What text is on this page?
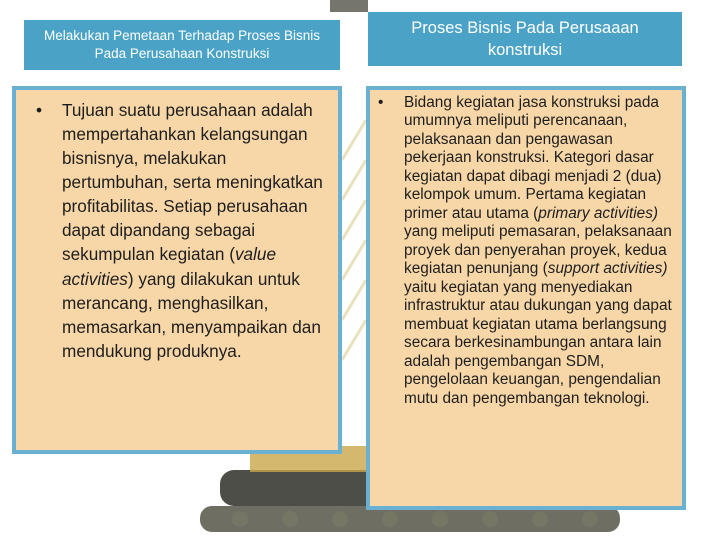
Melakukan Pemetaan Terhadap Proses Bisnis Pada Perusahaan Konstruksi
Proses Bisnis Pada Perusaaan konstruksi
•	Tujuan suatu perusahaan adalah mempertahankan kelangsungan bisnisnya, melakukan pertumbuhan, serta meningkatkan profitabilitas. Setiap perusahaan dapat dipandang sebagai sekumpulan kegiatan (value activities) yang dilakukan untuk merancang, menghasilkan, memasarkan, menyampaikan dan mendukung produknya.
•	Bidang kegiatan jasa konstruksi pada umumnya meliputi perencanaan, pelaksanaan dan pengawasan pekerjaan konstruksi. Kategori dasar kegiatan dapat dibagi menjadi 2 (dua) kelompok umum. Pertama kegiatan primer atau utama (primary activities) yang meliputi pemasaran, pelaksanaan proyek dan penyerahan proyek, kedua kegiatan penunjang (support activities) yaitu kegiatan yang menyediakan infrastruktur atau dukungan yang dapat membuat kegiatan utama berlangsung secara berkesinambungan antara lain adalah pengembangan SDM, pengelolaan keuangan, pengendalian mutu dan pengembangan teknologi.
